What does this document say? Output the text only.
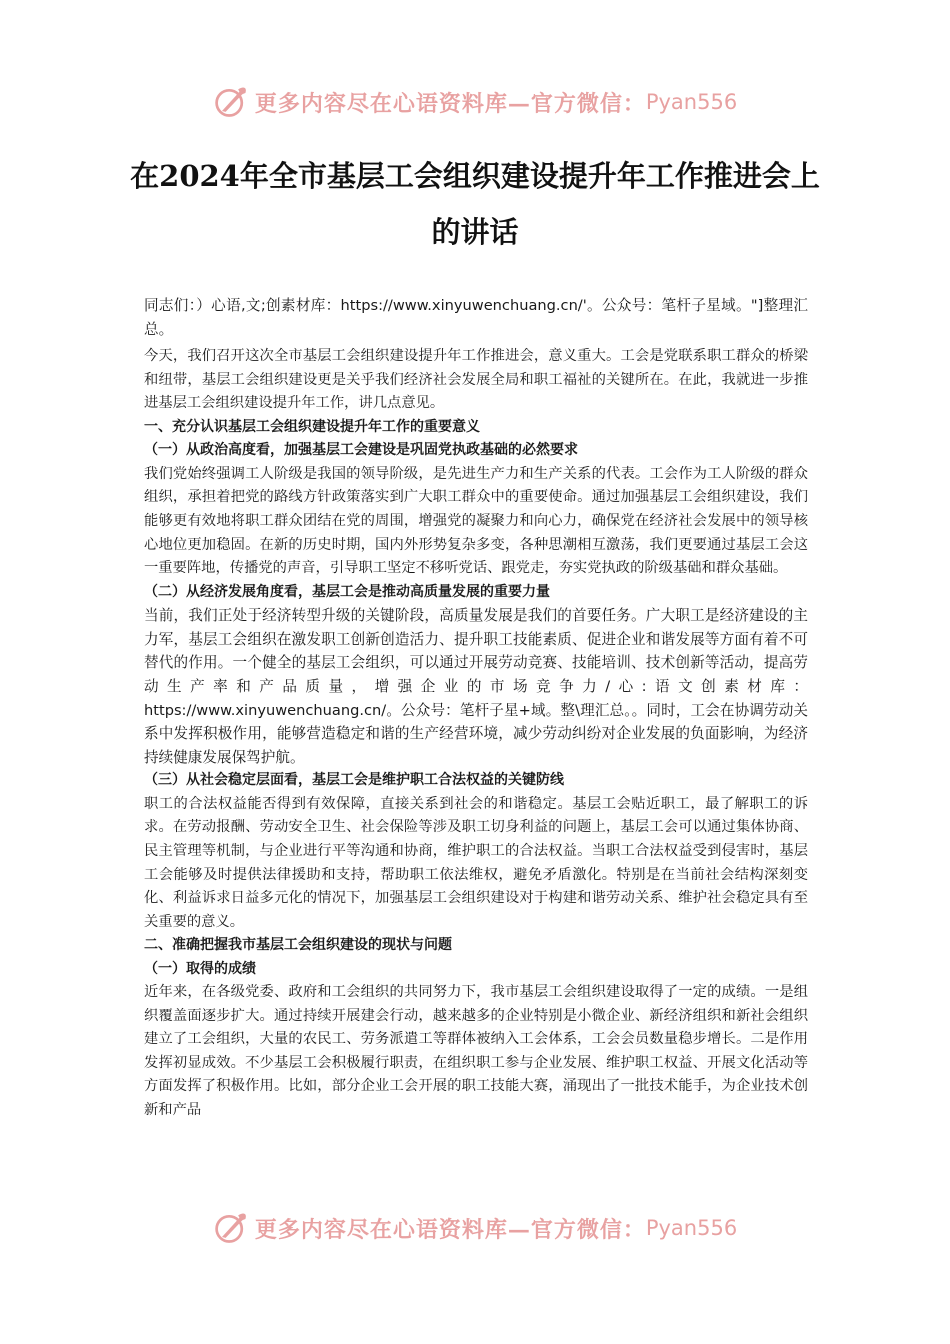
更多内容尽在心语资料库—官方微信： Pyan556
在2024年全市基层工会组织建设提升年工作推进会上的讲话

同志们：）心语,文;创素材库：https://www.xinyuwenchuang.cn/'。公众号：笔杆子星域。"]整理汇总。

今天，我们召开这次全市基层工会组织建设提升年工作推进会，意义重大。工会是党联系职工群众的桥梁和纽带，基层工会组织建设更是关乎我们经济社会发展全局和职工福祉的关键所在。在此，我就进一步推进基层工会组织建设提升年工作，讲几点意见。

一、充分认识基层工会组织建设提升年工作的重要意义

（一）从政治高度看，加强基层工会建设是巩固党执政基础的必然要求

我们党始终强调工人阶级是我国的领导阶级，是先进生产力和生产关系的代表。工会作为工人阶级的群众组织，承担着把党的路线方针政策落实到广大职工群众中的重要使命。通过加强基层工会组织建设，我们能够更有效地将职工群众团结在党的周围，增强党的凝聚力和向心力，确保党在经济社会发展中的领导核心地位更加稳固。在新的历史时期，国内外形势复杂多变，各种思潮相互激荡，我们更要通过基层工会这一重要阵地，传播党的声音，引导职工坚定不移听党话、跟党走，夯实党执政的阶级基础和群众基础。

（二）从经济发展角度看，基层工会是推动高质量发展的重要力量

当前，我们正处于经济转型升级的关键阶段，高质量发展是我们的首要任务。广大职工是经济建设的主力军，基层工会组织在激发职工创新创造活力、提升职工技能素质、促进企业和谐发展等方面有着不可替代的作用。一个健全的基层工会组织，可以通过开展劳动竞赛、技能培训、技术创新等活动，提高劳动生产率和产品质量，增强企业的市场竞争力/心:语文创素材库：https://www.xinyuwenchuang.cn/。公众号：笔杆子星+域。整\理汇总。。同时，工会在协调劳动关系中发挥积极作用，能够营造稳定和谐的生产经营环境，减少劳动纠纷对企业发展的负面影响，为经济持续健康发展保驾护航。

（三）从社会稳定层面看，基层工会是维护职工合法权益的关键防线

职工的合法权益能否得到有效保障，直接关系到社会的和谐稳定。基层工会贴近职工，最了解职工的诉求。在劳动报酬、劳动安全卫生、社会保险等涉及职工切身利益的问题上，基层工会可以通过集体协商、民主管理等机制，与企业进行平等沟通和协商，维护职工的合法权益。当职工合法权益受到侵害时，基层工会能够及时提供法律援助和支持，帮助职工依法维权，避免矛盾激化。特别是在当前社会结构深刻变化、利益诉求日益多元化的情况下，加强基层工会组织建设对于构建和谐劳动关系、维护社会稳定具有至关重要的意义。

二、准确把握我市基层工会组织建设的现状与问题

（一）取得的成绩

近年来，在各级党委、政府和工会组织的共同努力下，我市基层工会组织建设取得了一定的成绩。一是组织覆盖面逐步扩大。通过持续开展建会行动，越来越多的企业特别是小微企业、新经济组织和新社会组织建立了工会组织，大量的农民工、劳务派遣工等群体被纳入工会体系，工会会员数量稳步增长。二是作用发挥初显成效。不少基层工会积极履行职责，在组织职工参与企业发展、维护职工权益、开展文化活动等方面发挥了积极作用。比如，部分企业工会开展的职工技能大赛，涌现出了一批技术能手，为企业技术创新和产品

更多内容尽在心语资料库—官方微信： Pyan556
